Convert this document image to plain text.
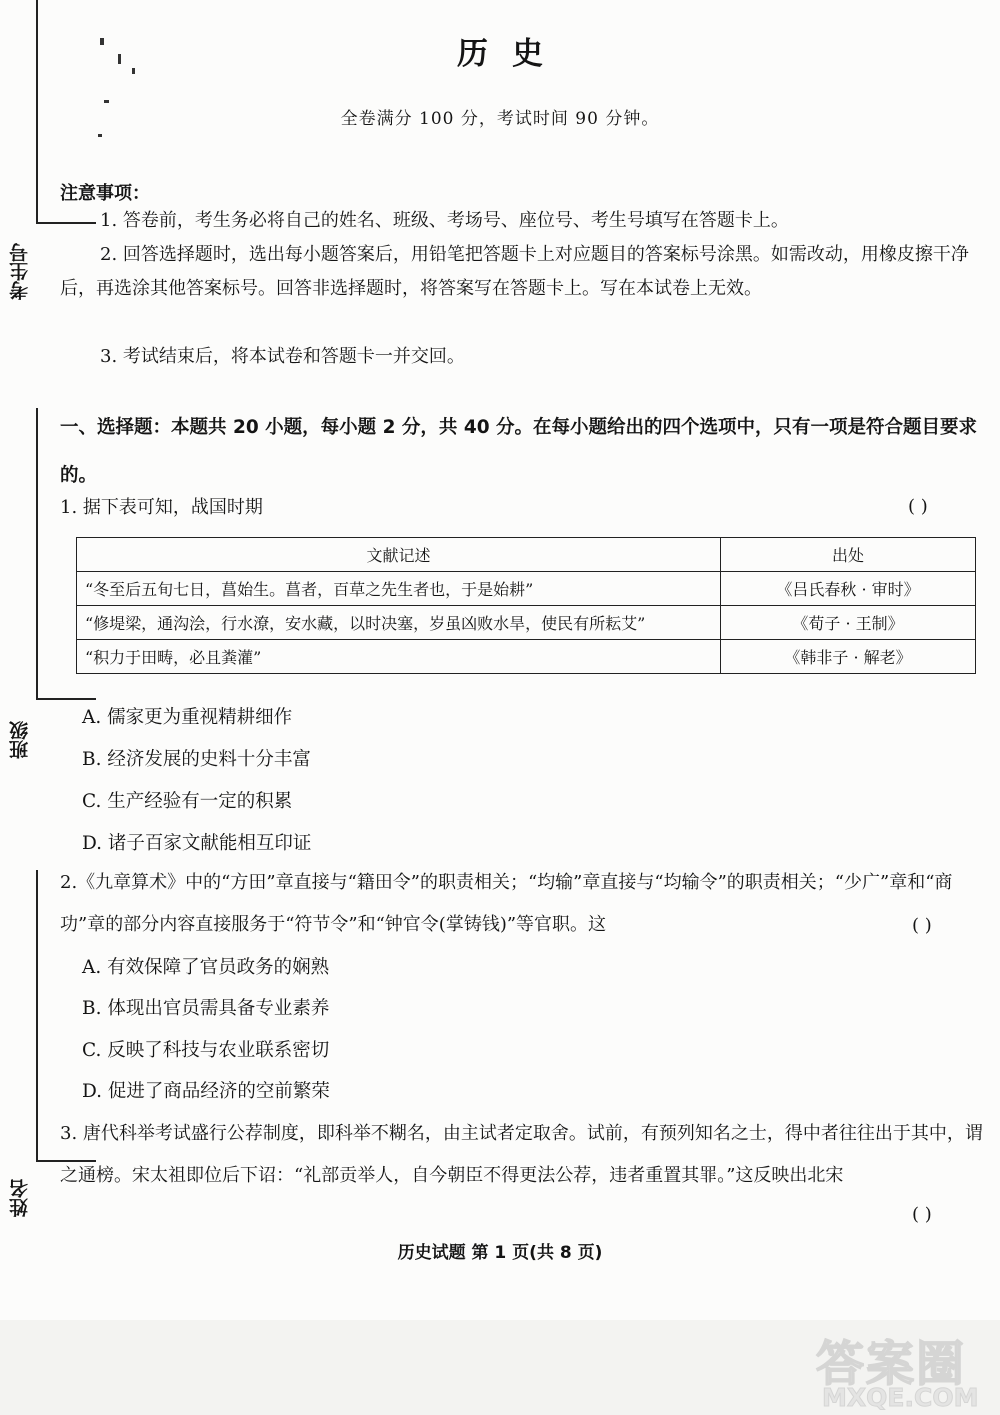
考生号
班级
姓名
历史
全卷满分 100 分，考试时间 90 分钟。
注意事项：
1. 答卷前，考生务必将自己的姓名、班级、考场号、座位号、考生号填写在答题卡上。
2. 回答选择题时，选出每小题答案后，用铅笔把答题卡上对应题目的答案标号涂黑。如需改动，用橡皮擦干净后，再选涂其他答案标号。回答非选择题时，将答案写在答题卡上。写在本试卷上无效。
3. 考试结束后，将本试卷和答题卡一并交回。
一、选择题：本题共 20 小题，每小题 2 分，共 40 分。在每小题给出的四个选项中，只有一项是符合题目要求的。
1. 据下表可知，战国时期	( )
文献记述	出处
“冬至后五旬七日，菖始生。菖者，百草之先生者也，于是始耕”	《吕氏春秋 · 审时》
“修堤梁，通沟浍，行水潦，安水藏，以时决塞，岁虽凶败水旱，使民有所耘艾”	《荀子 · 王制》
“积力于田畴，必且粪灌”	《韩非子 · 解老》
A. 儒家更为重视精耕细作
B. 经济发展的史料十分丰富
C. 生产经验有一定的积累
D. 诸子百家文献能相互印证
2.《九章算术》中的“方田”章直接与“籍田令”的职责相关；“均输”章直接与“均输令”的职责相关；“少广”章和“商功”章的部分内容直接服务于“符节令”和“钟官令(掌铸钱)”等官职。这	( )
A. 有效保障了官员政务的娴熟
B. 体现出官员需具备专业素养
C. 反映了科技与农业联系密切
D. 促进了商品经济的空前繁荣
3. 唐代科举考试盛行公荐制度，即科举不糊名，由主试者定取舍。试前，有预列知名之士，得中者往往出于其中，谓之通榜。宋太祖即位后下诏：“礼部贡举人，自今朝臣不得更法公荐，违者重置其罪。”这反映出北宋
( )
历史试题 第 1 页(共 8 页)
答案圈
MXQE.COM
